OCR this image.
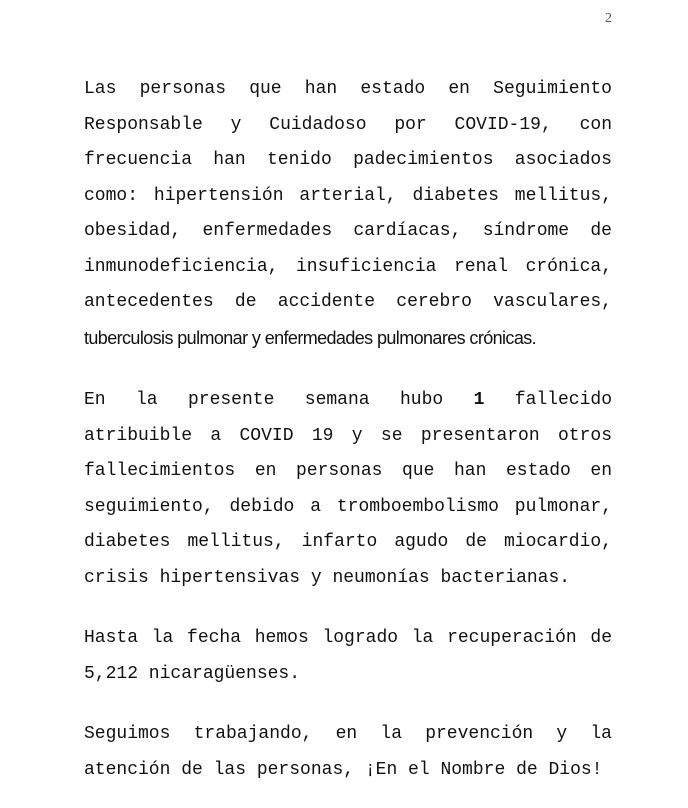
2

Las personas que han estado en Seguimiento Responsable y Cuidadoso por COVID-19, con frecuencia han tenido padecimientos asociados como: hipertensión arterial, diabetes mellitus, obesidad, enfermedades cardíacas, síndrome de inmunodeficiencia, insuficiencia renal crónica, antecedentes de accidente cerebro vasculares, tuberculosis pulmonar y enfermedades pulmonares crónicas.

En la presente semana hubo 1 fallecido atribuible a COVID 19 y se presentaron otros fallecimientos en personas que han estado en seguimiento, debido a tromboembolismo pulmonar, diabetes mellitus, infarto agudo de miocardio, crisis hipertensivas y neumonías bacterianas.

Hasta la fecha hemos logrado la recuperación de 5,212 nicaragüenses.

Seguimos trabajando, en la prevención y la atención de las personas, ¡En el Nombre de Dios!
